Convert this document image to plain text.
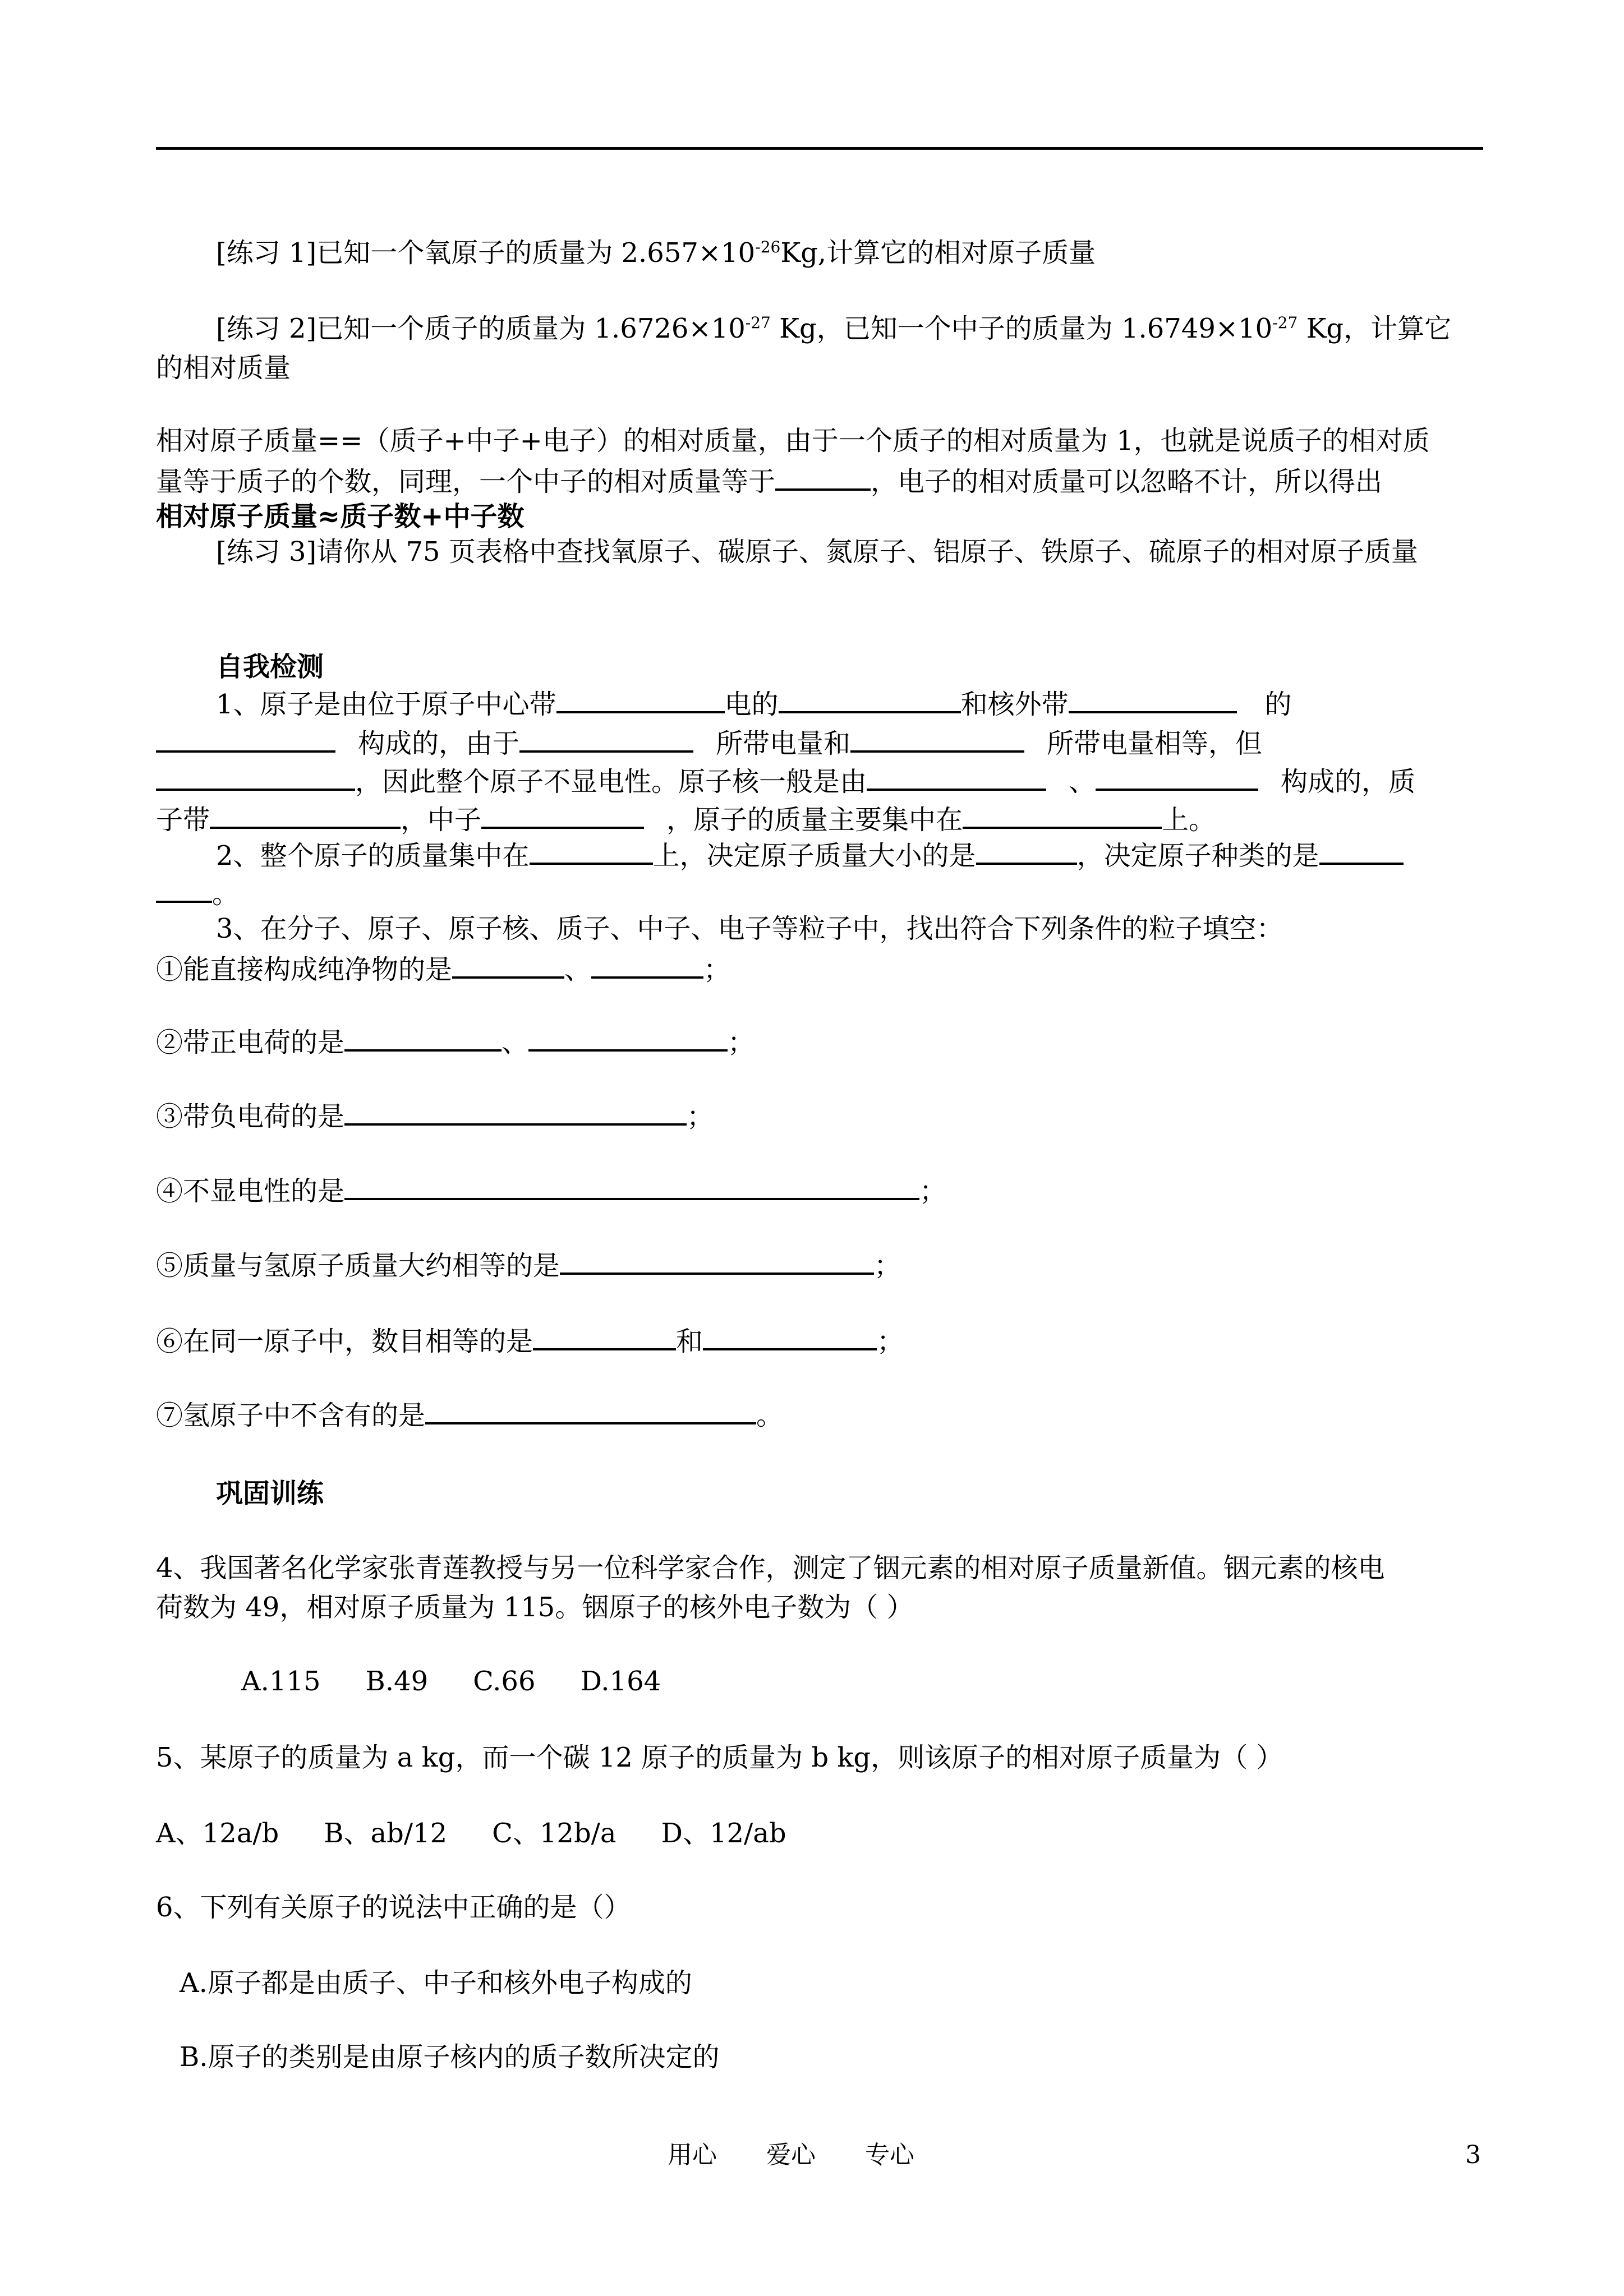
[练习 1]已知一个氧原子的质量为 $2.657\times 10^{-26}Kg$,计算它的相对原子质量
[练习 2]已知一个质子的质量为 $1.6726\times 10^{-27}$ Kg，已知一个中子的质量为 $1.6749\times 10^{-27}$ Kg，计算它
的相对质量
相对原子质量==（质子+中子+电子）的相对质量，由于一个质子的相对质量为 1，也就是说质子的相对质
量等于质子的个数，同理，一个中子的相对质量等于	，电子的相对质量可以忽略不计，所以得出
相对原子质量≈质子数+中子数
[练习 3]请你从 75 页表格中查找氧原子、碳原子、氮原子、铝原子、铁原子、硫原子的相对原子质量
自我检测
1、原子是由位于原子中心带	电的	和核外带	的
构成的，由于	所带电量和	所带电量相等，但
，因此整个原子不显电性。原子核一般是由	、	构成的，质
子带	，中子	，原子的质量主要集中在	上。
2、整个原子的质量集中在	上，决定原子质量大小的是	，决定原子种类的是
。
3、在分子、原子、原子核、质子、中子、电子等粒子中，找出符合下列条件的粒子填空：
①能直接构成纯净物的是	、	；
②带正电荷的是	、	；
③带负电荷的是	；
④不显电性的是	；
⑤质量与氢原子质量大约相等的是	；
⑥在同一原子中，数目相等的是	和	；
⑦氢原子中不含有的是	。
巩固训练
4、我国著名化学家张青莲教授与另一位科学家合作，测定了铟元素的相对原子质量新值。铟元素的核电
荷数为 49，相对原子质量为 115。铟原子的核外电子数为（ ）
A.115 B.49 C.66 D.164
5、某原子的质量为 a kg，而一个碳 12 原子的质量为 b kg，则该原子的相对原子质量为（ ）
A、12a/b B、ab/12 C、12b/a D、12/ab
6、下列有关原子的说法中正确的是（）
A.原子都是由质子、中子和核外电子构成的
B.原子的类别是由原子核内的质子数所决定的
用心　　爱心　　专心	3
